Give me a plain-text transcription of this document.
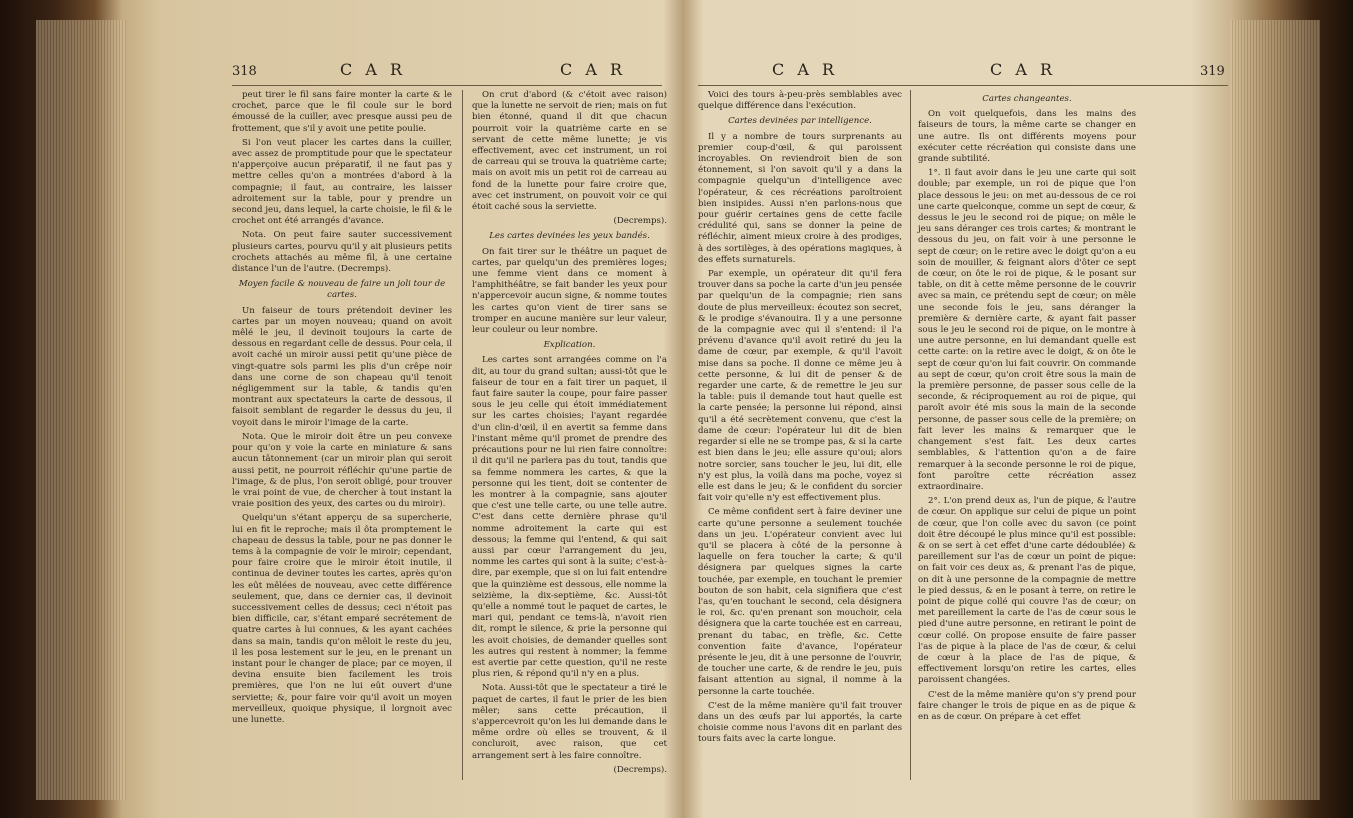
318	C A R	C A R

peut tirer le fil sans faire monter la carte & le crochet, parce que le fil coule sur le bord émoussé de la cuiller, avec presque aussi peu de frottement, que s'il y avoit une petite poulie.

Si l'on veut placer les cartes dans la cuiller, avec assez de promptitude pour que le spectateur n'apperçoive aucun préparatif, il ne faut pas y mettre celles qu'on a montrées d'abord à la compagnie; il faut, au contraire, les laisser adroitement sur la table, pour y prendre un second jeu, dans lequel, la carte choisie, le fil & le crochet ont été arrangés d'avance.

Nota. On peut faire sauter successivement plusieurs cartes, pourvu qu'il y ait plusieurs petits crochets attachés au même fil, à une certaine distance l'un de l'autre. (Decremps).

Moyen facile & nouveau de faire un joli tour de cartes.

Un faiseur de tours prétendoit deviner les cartes par un moyen nouveau; quand on avoit mêlé le jeu, il devinoit toujours la carte de dessous en regardant celle de dessus. Pour cela, il avoit caché un miroir aussi petit qu'une pièce de vingt-quatre sols parmi les plis d'un crêpe noir dans une corne de son chapeau qu'il tenoit négligemment sur la table, & tandis qu'en montrant aux spectateurs la carte de dessous, il faisoit semblant de regarder le dessus du jeu, il voyoit dans le miroir l'image de la carte.

Nota. Que le miroir doit être un peu convexe pour qu'on y voie la carte en miniature & sans aucun tâtonnement (car un miroir plan qui seroit aussi petit, ne pourroit réfléchir qu'une partie de l'image, & de plus, l'on seroit obligé, pour trouver le vrai point de vue, de chercher à tout instant la vraie position des yeux, des cartes ou du miroir).

Quelqu'un s'étant apperçu de sa supercherie, lui en fit le reproche; mais il ôta promptement le chapeau de dessus la table, pour ne pas donner le tems à la compagnie de voir le miroir; cependant, pour faire croire que le miroir étoit inutile, il continua de deviner toutes les cartes, après qu'on les eût mêlées de nouveau, avec cette différence seulement, que, dans ce dernier cas, il devinoit successivement celles de dessus; ceci n'étoit pas bien difficile, car, s'étant emparé secrétement de quatre cartes à lui connues, & les ayant cachées dans sa main, tandis qu'on mêloit le reste du jeu, il les posa lestement sur le jeu, en le prenant un instant pour le changer de place; par ce moyen, il devina ensuite bien facilement les trois premières, que l'on ne lui eût ouvert d'une serviette; &, pour faire voir qu'il avoit un moyen merveilleux, quoique physique, il lorgnoit avec une lunette.

On crut d'abord (& c'étoit avec raison) que la lunette ne servoit de rien; mais on fut bien étonné, quand il dit que chacun pourroit voir la quatrième carte en se servant de cette même lunette; je vis effectivement, avec cet instrument, un roi de carreau qui se trouva la quatrième carte; mais on avoit mis un petit roi de carreau au fond de la lunette pour faire croire que, avec cet instrument, on pouvoit voir ce qui étoit caché sous la serviette.

(Decremps).

Les cartes devinées les yeux bandés.

On fait tirer sur le théâtre un paquet de cartes, par quelqu'un des premières loges; une femme vient dans ce moment à l'amphithéâtre, se fait bander les yeux pour n'appercevoir aucun signe, & nomme toutes les cartes qu'on vient de tirer sans se tromper en aucune manière sur leur valeur, leur couleur ou leur nombre.

Explication.

Les cartes sont arrangées comme on l'a dit, au tour du grand sultan; aussi-tôt que le faiseur de tour en a fait tirer un paquet, il faut faire sauter la coupe, pour faire passer sous le jeu celle qui étoit immédiatement sur les cartes choisies; l'ayant regardée d'un clin-d'œil, il en avertit sa femme dans l'instant même qu'il promet de prendre des précautions pour ne lui rien faire connoître: il dit qu'il ne parlera pas du tout, tandis que sa femme nommera les cartes, & que la personne qui les tient, doit se contenter de les montrer à la compagnie, sans ajouter que c'est une telle carte, ou une telle autre. C'est dans cette dernière phrase qu'il nomme adroitement la carte qui est dessous; la femme qui l'entend, & qui sait aussi par cœur l'arrangement du jeu, nomme les cartes qui sont à la suite; c'est-à-dire, par exemple, que si on lui fait entendre que la quinzième est dessous, elle nomme la seizième, la dix-septième, &c. Aussi-tôt qu'elle a nommé tout le paquet de cartes, le mari qui, pendant ce tems-là, n'avoit rien dit, rompt le silence, & prie la personne qui les avoit choisies, de demander quelles sont les autres qui restent à nommer; la femme est avertie par cette question, qu'il ne reste plus rien, & répond qu'il n'y en a plus.

Nota. Aussi-tôt que le spectateur a tiré le paquet de cartes, il faut le prier de les bien mêler; sans cette précaution, il s'appercevroit qu'on les lui demande dans le même ordre où elles se trouvent, & il concluroit, avec raison, que cet arrangement sert à les faire connoître.

(Decremps).

C A R	C A R	319

Voici des tours à-peu-près semblables avec quelque différence dans l'exécution.

Cartes devinées par intelligence.

Il y a nombre de tours surprenants au premier coup-d'œil, & qui paroissent incroyables. On reviendroit bien de son étonnement, si l'on savoit qu'il y a dans la compagnie quelqu'un d'intelligence avec l'opérateur, & ces récréations paroîtroient bien insipides. Aussi n'en parlons-nous que pour guérir certaines gens de cette facile crédulité qui, sans se donner la peine de réfléchir, aiment mieux croire à des prodiges, à des sortilèges, à des opérations magiques, à des effets surnaturels.

Par exemple, un opérateur dit qu'il fera trouver dans sa poche la carte d'un jeu pensée par quelqu'un de la compagnie; rien sans doute de plus merveilleux: écoutez son secret, & le prodige s'évanouira. Il y a une personne de la compagnie avec qui il s'entend: il l'a prévenu d'avance qu'il avoit retiré du jeu la dame de cœur, par exemple, & qu'il l'avoit mise dans sa poche. Il donne ce même jeu à cette personne, & lui dit de penser & de regarder une carte, & de remettre le jeu sur la table: puis il demande tout haut quelle est la carte pensée; la personne lui répond, ainsi qu'il a été secrètement convenu, que c'est la dame de cœur: l'opérateur lui dit de bien regarder si elle ne se trompe pas, & si la carte est bien dans le jeu; elle assure qu'oui; alors notre sorcier, sans toucher le jeu, lui dit, elle n'y est plus, la voilà dans ma poche, voyez si elle est dans le jeu; & le confident du sorcier fait voir qu'elle n'y est effectivement plus.

Ce même confident sert à faire deviner une carte qu'une personne a seulement touchée dans un jeu. L'opérateur convient avec lui qu'il se placera à côté de la personne à laquelle on fera toucher la carte; & qu'il désignera par quelques signes la carte touchée, par exemple, en touchant le premier bouton de son habit, cela signifiera que c'est l'as, qu'en touchant le second, cela désignera le roi, &c. qu'en prenant son mouchoir, cela désignera que la carte touchée est en carreau, prenant du tabac, en trèfle, &c. Cette convention faite d'avance, l'opérateur présente le jeu, dit à une personne de l'ouvrir, de toucher une carte, & de rendre le jeu, puis faisant attention au signal, il nomme à la personne la carte touchée.

C'est de la même manière qu'il fait trouver dans un des œufs par lui apportés, la carte choisie comme nous l'avons dit en parlant des tours faits avec la carte longue.

Cartes changeantes.

On voit quelquefois, dans les mains des faiseurs de tours, la même carte se changer en une autre. Ils ont différents moyens pour exécuter cette récréation qui consiste dans une grande subtilité.

1°. Il faut avoir dans le jeu une carte qui soit double; par exemple, un roi de pique que l'on place dessous le jeu: on met au-dessous de ce roi une carte quelconque, comme un sept de cœur, & dessus le jeu le second roi de pique; on mêle le jeu sans déranger ces trois cartes; & montrant le dessous du jeu, on fait voir à une personne le sept de cœur; on le retire avec le doigt qu'on a eu soin de mouiller, & feignant alors d'ôter ce sept de cœur, on ôte le roi de pique, & le posant sur table, on dit à cette même personne de le couvrir avec sa main, ce prétendu sept de cœur; on mêle une seconde fois le jeu, sans déranger la première & dernière carte, & ayant fait passer sous le jeu le second roi de pique, on le montre à une autre personne, en lui demandant quelle est cette carte: on la retire avec le doigt, & on ôte le sept de cœur qu'on lui fait couvrir. On commande au sept de cœur, qu'on croit être sous la main de la première personne, de passer sous celle de la seconde, & réciproquement au roi de pique, qui paroît avoir été mis sous la main de la seconde personne, de passer sous celle de la première; on fait lever les mains & remarquer que le changement s'est fait. Les deux cartes semblables, & l'attention qu'on a de faire remarquer à la seconde personne le roi de pique, font paroître cette récréation assez extraordinaire.

2°. L'on prend deux as, l'un de pique, & l'autre de cœur. On applique sur celui de pique un point de cœur, que l'on colle avec du savon (ce point doit être découpé le plus mince qu'il est possible: & on se sert à cet effet d'une carte dédoublée) & pareillement sur l'as de cœur un point de pique: on fait voir ces deux as, & prenant l'as de pique, on dit à une personne de la compagnie de mettre le pied dessus, & en le posant à terre, on retire le point de pique collé qui couvre l'as de cœur; on met pareillement la carte de l'as de cœur sous le pied d'une autre personne, en retirant le point de cœur collé. On propose ensuite de faire passer l'as de pique à la place de l'as de cœur, & celui de cœur à la place de l'as de pique, & effectivement lorsqu'on retire les cartes, elles paroissent changées.

C'est de la même manière qu'on s'y prend pour faire changer le trois de pique en as de pique & en as de cœur. On prépare à cet effet
